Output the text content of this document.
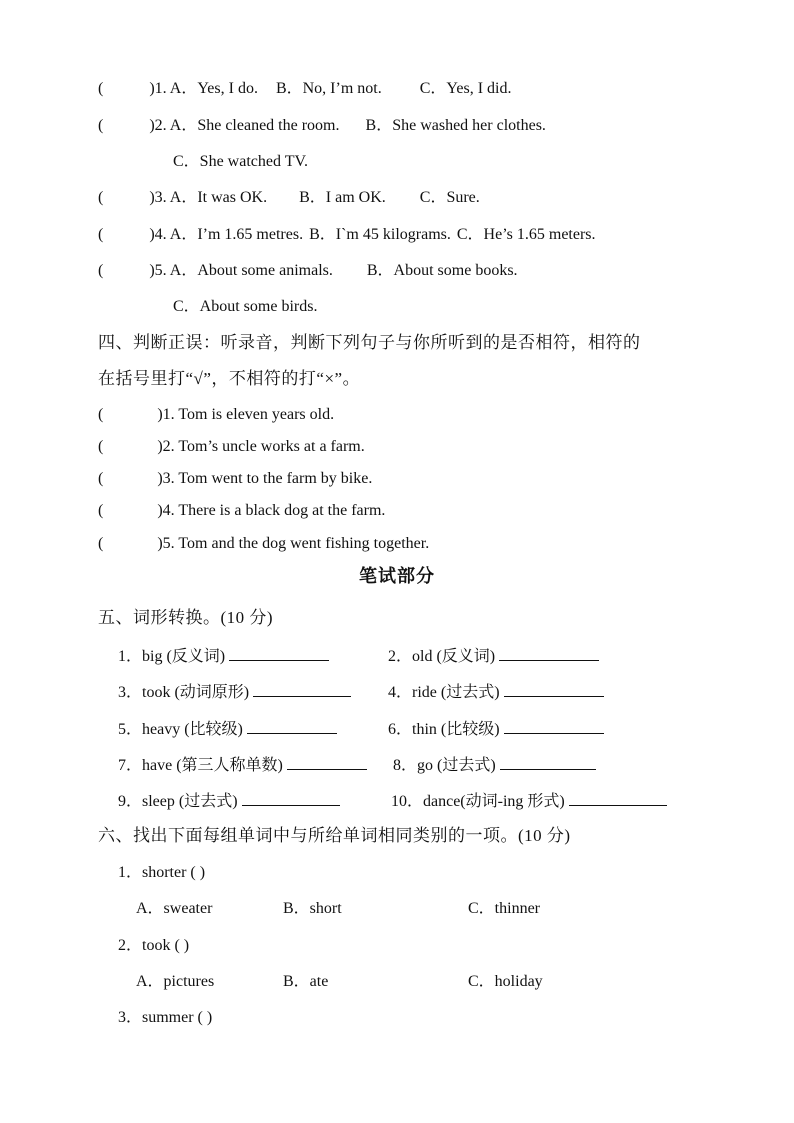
(	)1. A．Yes, I do. B．No, I’m not. C．Yes, I did.
(	)2. A．She cleaned the room. B．She washed her clothes.
C．She watched TV.
(	)3. A．It was OK. B．I am OK. C．Sure.
(	)4. A．I’m 1.65 metres. B．I`m 45 kilograms. C．He’s 1.65 meters.
(	)5. A．About some animals. B．About some books.
C．About some birds.
四、判断正误：听录音，判断下列句子与你所听到的是否相符，相符的
在括号里打“√”，不相符的打“×”。
(	)1. Tom is eleven years old.
(	)2. Tom’s uncle works at a farm.
(	)3. Tom went to the farm by bike.
(	)4. There is a black dog at the farm.
(	)5. Tom and the dog went fishing together.
笔试部分
五、词形转换。(10 分)
1．big (反义词)	2．old (反义词)
3．took (动词原形)	4．ride (过去式)
5．heavy (比较级)	6．thin (比较级)
7．have (第三人称单数)	8．go (过去式)
9．sleep (过去式)	10．dance(动词-ing 形式)
六、找出下面每组单词中与所给单词相同类别的一项。(10 分)
1．shorter ( )
A．sweater	B．short	C．thinner
2．took ( )
A．pictures	B．ate	C．holiday
3．summer ( )
